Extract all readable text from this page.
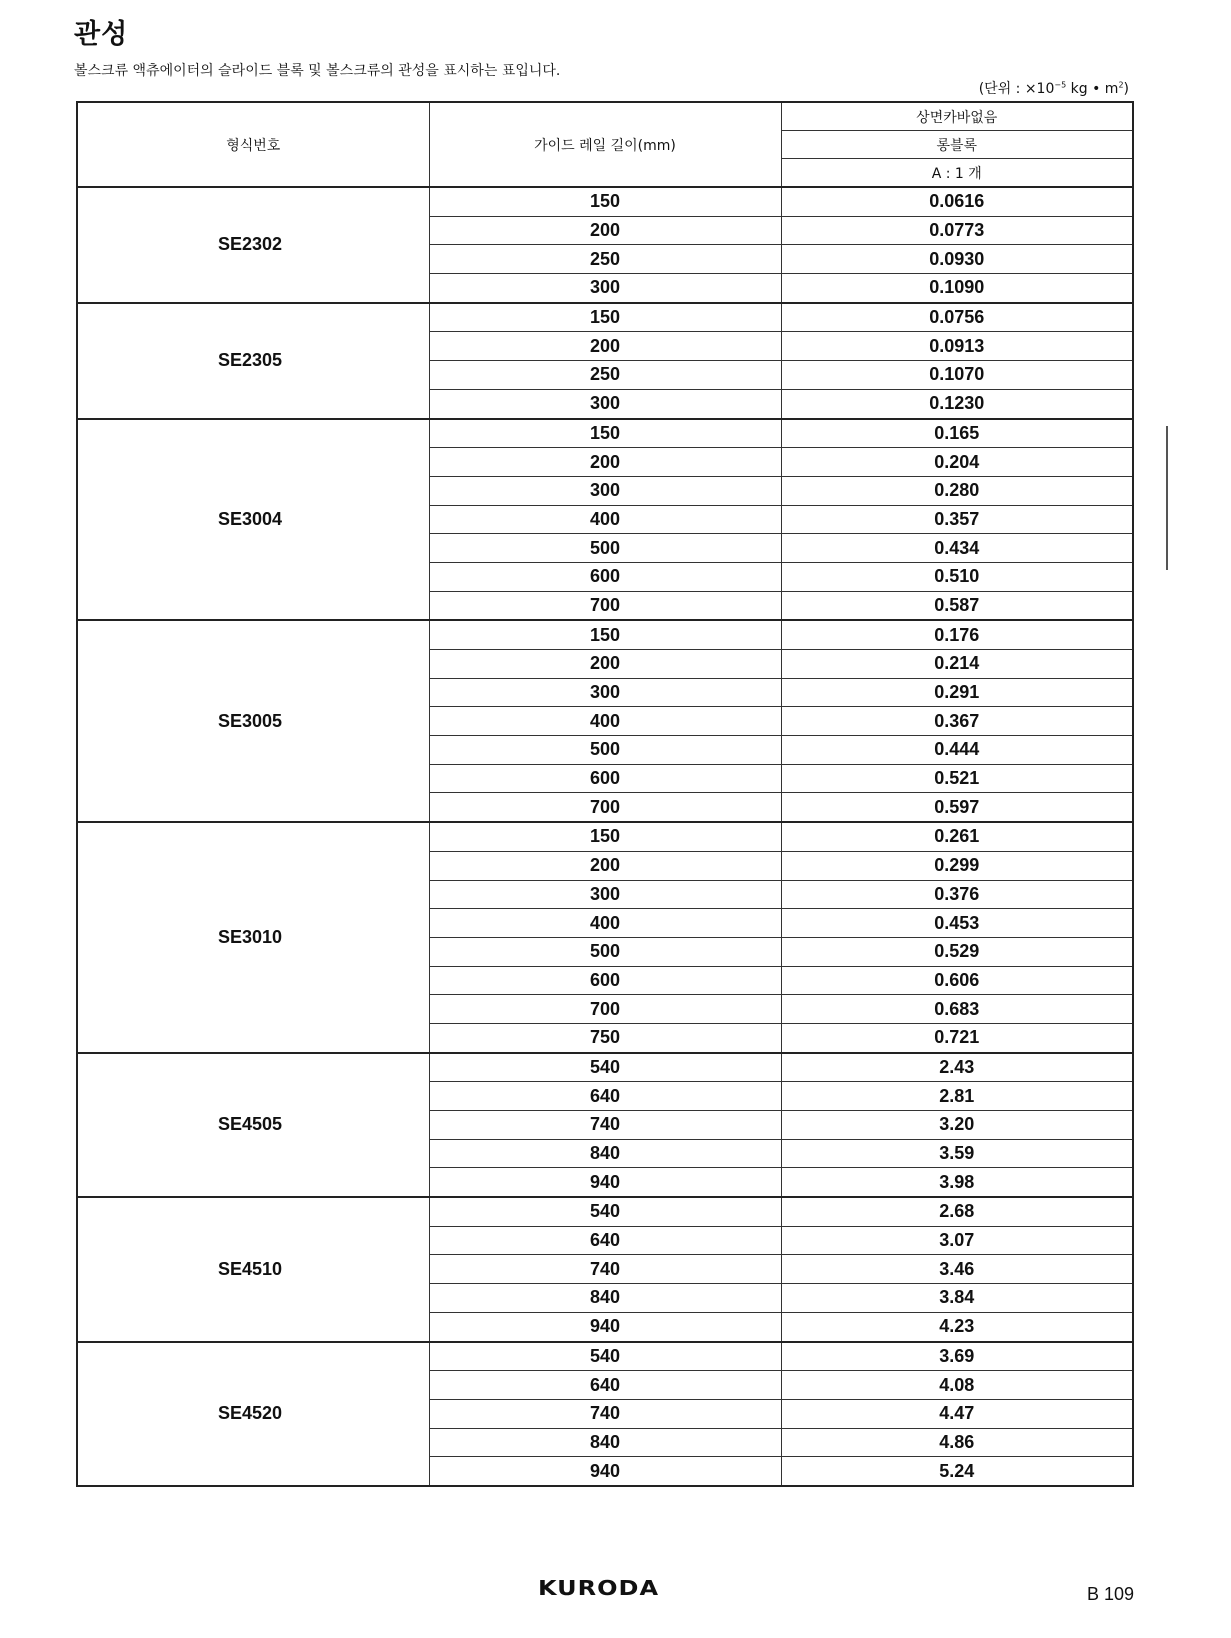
관성
볼스크류 액츄에이터의 슬라이드 블록 및 볼스크류의 관성을 표시하는 표입니다.
(단위 : $\times 10^{-5}$ kg • $m^2$)
형식번호	가이드 레일 길이(mm)	상면카바없음
		롱블록
		A : 1 개
SE2302	150	0.0616
	200	0.0773
	250	0.0930
	300	0.1090
SE2305	150	0.0756
	200	0.0913
	250	0.1070
	300	0.1230
SE3004	150	0.165
	200	0.204
	300	0.280
	400	0.357
	500	0.434
	600	0.510
	700	0.587
SE3005	150	0.176
	200	0.214
	300	0.291
	400	0.367
	500	0.444
	600	0.521
	700	0.597
SE3010	150	0.261
	200	0.299
	300	0.376
	400	0.453
	500	0.529
	600	0.606
	700	0.683
	750	0.721
SE4505	540	2.43
	640	2.81
	740	3.20
	840	3.59
	940	3.98
SE4510	540	2.68
	640	3.07
	740	3.46
	840	3.84
	940	4.23
SE4520	540	3.69
	640	4.08
	740	4.47
	840	4.86
	940	5.24
KURODA	B 109
